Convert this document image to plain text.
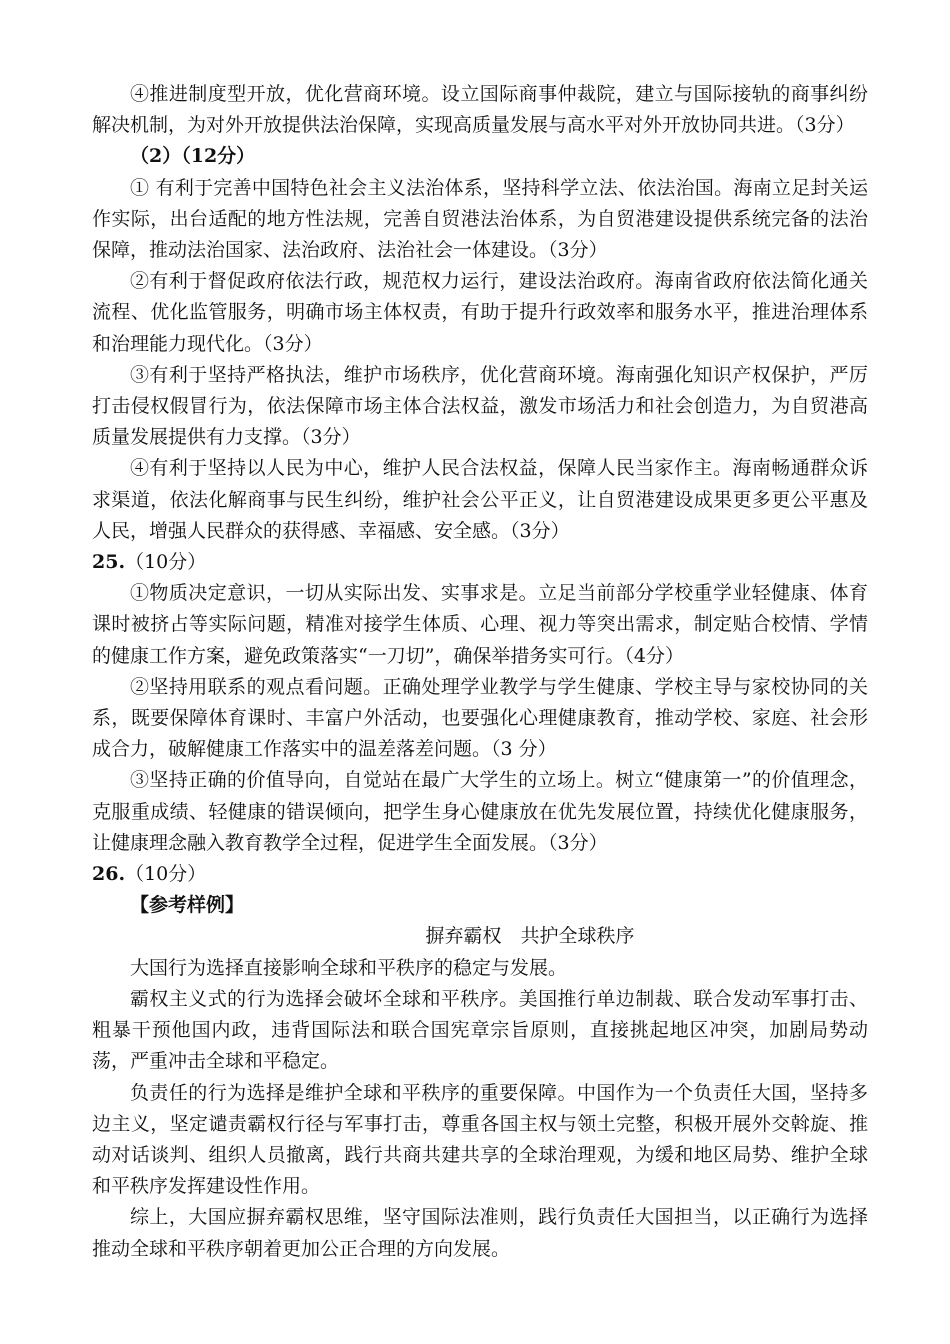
④推进制度型开放，优化营商环境。设立国际商事仲裁院，建立与国际接轨的商事纠纷解决机制，为对外开放提供法治保障，实现高质量发展与高水平对外开放协同共进。（3分）

（2）（12分）

① 有利于完善中国特色社会主义法治体系，坚持科学立法、依法治国。海南立足封关运作实际，出台适配的地方性法规，完善自贸港法治体系，为自贸港建设提供系统完备的法治保障，推动法治国家、法治政府、法治社会一体建设。（3分）

②有利于督促政府依法行政，规范权力运行，建设法治政府。海南省政府依法简化通关流程、优化监管服务，明确市场主体权责，有助于提升行政效率和服务水平，推进治理体系和治理能力现代化。（3分）

③有利于坚持严格执法，维护市场秩序，优化营商环境。海南强化知识产权保护，严厉打击侵权假冒行为，依法保障市场主体合法权益，激发市场活力和社会创造力，为自贸港高质量发展提供有力支撑。（3分）

④有利于坚持以人民为中心，维护人民合法权益，保障人民当家作主。海南畅通群众诉求渠道，依法化解商事与民生纠纷，维护社会公平正义，让自贸港建设成果更多更公平惠及人民，增强人民群众的获得感、幸福感、安全感。（3分）

25.（10分）

①物质决定意识，一切从实际出发、实事求是。立足当前部分学校重学业轻健康、体育课时被挤占等实际问题，精准对接学生体质、心理、视力等突出需求，制定贴合校情、学情的健康工作方案，避免政策落实“一刀切”，确保举措务实可行。（4分）

②坚持用联系的观点看问题。正确处理学业教学与学生健康、学校主导与家校协同的关系，既要保障体育课时、丰富户外活动，也要强化心理健康教育，推动学校、家庭、社会形成合力，破解健康工作落实中的温差落差问题。（3 分）

③坚持正确的价值导向，自觉站在最广大学生的立场上。树立“健康第一”的价值理念，克服重成绩、轻健康的错误倾向，把学生身心健康放在优先发展位置，持续优化健康服务，让健康理念融入教育教学全过程，促进学生全面发展。（3分）

26.（10分）

【参考样例】

摒弃霸权　共护全球秩序

大国行为选择直接影响全球和平秩序的稳定与发展。

霸权主义式的行为选择会破坏全球和平秩序。美国推行单边制裁、联合发动军事打击、粗暴干预他国内政，违背国际法和联合国宪章宗旨原则，直接挑起地区冲突，加剧局势动荡，严重冲击全球和平稳定。

负责任的行为选择是维护全球和平秩序的重要保障。中国作为一个负责任大国，坚持多边主义，坚定谴责霸权行径与军事打击，尊重各国主权与领土完整，积极开展外交斡旋、推动对话谈判、组织人员撤离，践行共商共建共享的全球治理观，为缓和地区局势、维护全球和平秩序发挥建设性作用。

综上，大国应摒弃霸权思维，坚守国际法准则，践行负责任大国担当，以正确行为选择推动全球和平秩序朝着更加公正合理的方向发展。
